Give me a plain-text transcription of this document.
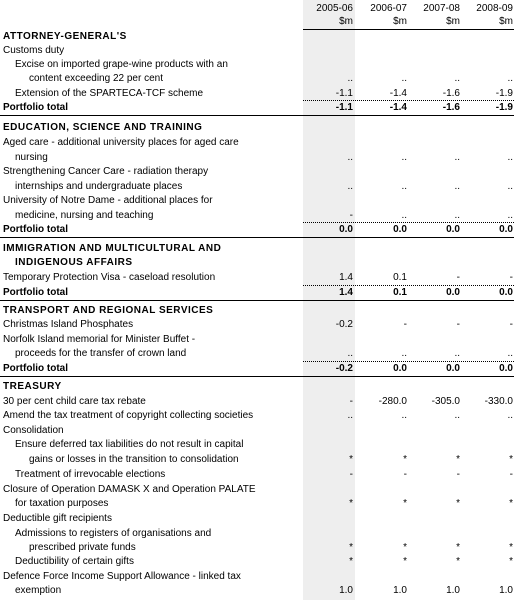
2005-06	2006-07	2007-08	2008-09
$m	$m	$m	$m
ATTORNEY-GENERAL'S
Customs duty
Excise on imported grape-wine products with an
content exceeding 22 per cent	..	..	..	..
Extension of the SPARTECA-TCF scheme	-1.1	-1.4	-1.6	-1.9
Portfolio total	-1.1	-1.4	-1.6	-1.9
EDUCATION, SCIENCE AND TRAINING
Aged care - additional university places for aged care
nursing	..	..	..	..
Strengthening Cancer Care - radiation therapy
internships and undergraduate places	..	..	..	..
University of Notre Dame - additional places for
medicine, nursing and teaching	-	..	..	..
Portfolio total	0.0	0.0	0.0	0.0
IMMIGRATION AND MULTICULTURAL AND
INDIGENOUS AFFAIRS
Temporary Protection Visa - caseload resolution	1.4	0.1	-	-
Portfolio total	1.4	0.1	0.0	0.0
TRANSPORT AND REGIONAL SERVICES
Christmas Island Phosphates	-0.2	-	-	-
Norfolk Island memorial for Minister Buffet -
proceeds for the transfer of crown land	..	..	..	..
Portfolio total	-0.2	0.0	0.0	0.0
TREASURY
30 per cent child care tax rebate	-	-280.0	-305.0	-330.0
Amend the tax treatment of copyright collecting societies	..	..	..	..
Consolidation
Ensure deferred tax liabilities do not result in capital
gains or losses in the transition to consolidation	*	*	*	*
Treatment of irrevocable elections	-	-	-	-
Closure of Operation DAMASK X and Operation PALATE
for taxation purposes	*	*	*	*
Deductible gift recipients
Admissions to registers of organisations and
prescribed private funds	*	*	*	*
Deductibility of certain gifts	*	*	*	*
Defence Force Income Support Allowance - linked tax
exemption	1.0	1.0	1.0	1.0
